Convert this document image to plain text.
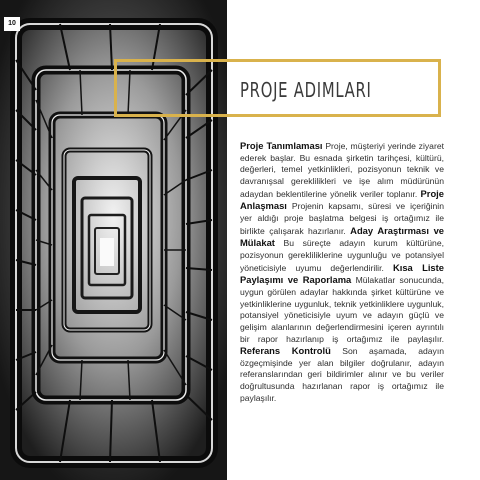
10
PROJE ADIMLARI
Proje Tanımlaması Proje, müşteriyi yerinde ziyaret ederek başlar. Bu esnada şirketin tarihçesi, kültürü, değerleri, temel yetkinlikleri, pozisyonun teknik ve davranışsal gereklilikleri ve işe alım müdürünün adaydan beklentilerine yönelik veriler toplanır. Proje Anlaşması Projenin kapsamı, süresi ve içeriğinin yer aldığı proje başlatma belgesi iş ortağımız ile birlikte çalışarak hazırlanır. Aday Araştırması ve Mülakat Bu süreçte adayın kurum kültürüne, pozisyonun gerekliliklerine uygunluğu ve potansiyel yöneticisiyle uyumu değerlendirilir. Kısa Liste Paylaşımı ve Raporlama Mülakatlar sonucunda, uygun görülen adaylar hakkında şirket kültürüne ve yetkinliklerine uygunluk, teknik yetkinliklere uygunluk, potansiyel yöneticisiyle uyum ve adayın güçlü ve gelişim alanlarının değerlendirmesini içeren ayrıntılı bir rapor hazırlanıp iş ortağımız ile paylaşılır. Referans Kontrolü Son aşamada, adayın özgeçmişinde yer alan bilgiler doğrulanır, adayın referanslarından geri bildirimler alınır ve bu veriler doğrultusunda hazırlanan rapor iş ortağımız ile paylaşılır.
